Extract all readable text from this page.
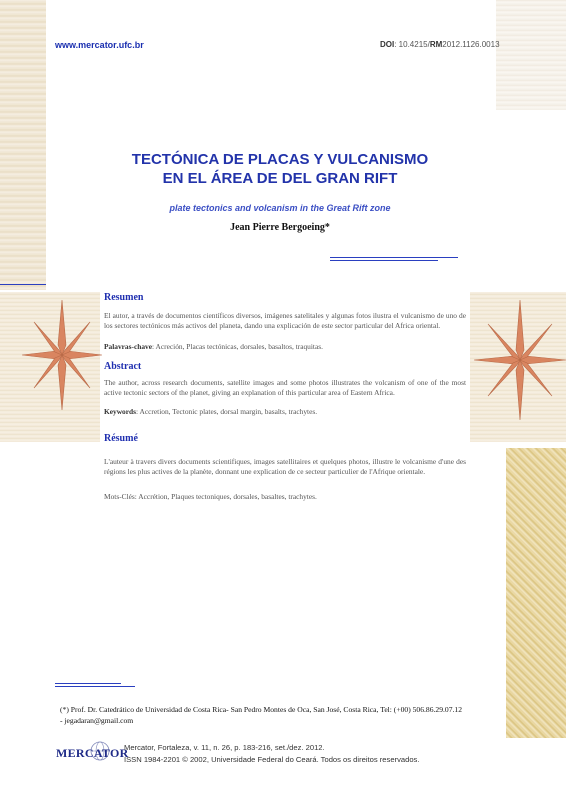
www.mercator.ufc.br	DOI: 10.4215/RM2012.1126.0013
TECTÓNICA DE PLACAS Y VULCANISMO
EN EL ÁREA DE DEL GRAN RIFT
plate tectonics and volcanism in the Great Rift zone
Jean Pierre Bergoeing*
Resumen
El autor, a través de documentos científicos diversos, imágenes satelitales y algunas fotos ilustra el vulcanismo de uno de los sectores tectónicos más activos del planeta, dando una explicación de este sector particular del Africa oriental.
Palavras-chave: Acreción, Placas tectónicas, dorsales, basaltos, traquitas.
Abstract
The author, across research documents, satellite images and some photos illustrates the volcanism of one of the most active tectonic sectors of the planet, giving an explanation of this particular area of Eastern Africa.
Keywords: Accretion, Tectonic plates, dorsal margin, basalts, trachytes.
Résumé
L'auteur à travers divers documents scientifiques, images satellitaires et quelques photos, illustre le volcanisme d'une des régions les plus actives de la planète, donnant une explication de ce secteur particulier de l'Afrique orientale.
Mots-Clés: Accrétion, Plaques tectoniques, dorsales, basaltes, trachytes.
(*) Prof. Dr. Catedrático de Universidad de Costa Rica- San Pedro Montes de Oca, San José, Costa Rica, Tel: (+00) 506.86.29.07.12
- jegadaran@gmail.com
MERCATOR
Mercator, Fortaleza, v. 11, n. 26, p. 183-216, set./dez. 2012.
ISSN 1984-2201 © 2002, Universidade Federal do Ceará. Todos os direitos reservados.
